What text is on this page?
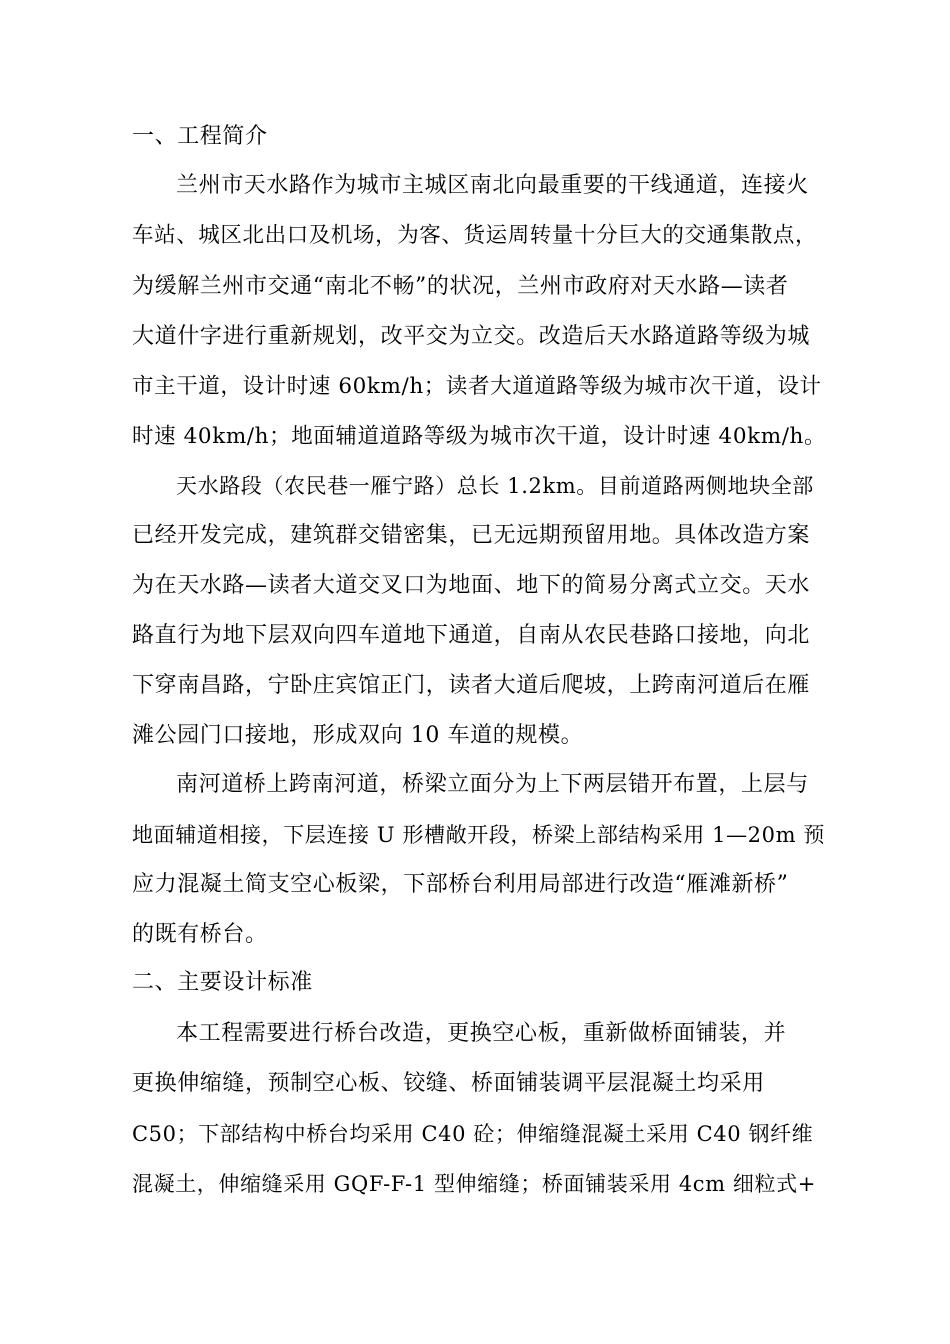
一、工程简介
兰州市天水路作为城市主城区南北向最重要的干线通道，连接火
车站、城区北出口及机场，为客、货运周转量十分巨大的交通集散点，
为缓解兰州市交通“南北不畅”的状况，兰州市政府对天水路—读者
大道什字进行重新规划，改平交为立交。改造后天水路道路等级为城
市主干道，设计时速 60km/h；读者大道道路等级为城市次干道，设计
时速 40km/h；地面辅道道路等级为城市次干道，设计时速 40km/h。
天水路段（农民巷一雁宁路）总长 1.2km。目前道路两侧地块全部
已经开发完成，建筑群交错密集，已无远期预留用地。具体改造方案
为在天水路—读者大道交叉口为地面、地下的简易分离式立交。天水
路直行为地下层双向四车道地下通道，自南从农民巷路口接地，向北
下穿南昌路，宁卧庄宾馆正门，读者大道后爬坡，上跨南河道后在雁
滩公园门口接地，形成双向 10 车道的规模。
南河道桥上跨南河道，桥梁立面分为上下两层错开布置，上层与
地面辅道相接，下层连接 U 形槽敞开段，桥梁上部结构采用 1—20m 预
应力混凝土简支空心板梁，下部桥台利用局部进行改造“雁滩新桥”
的既有桥台。
二、主要设计标准
本工程需要进行桥台改造，更换空心板，重新做桥面铺装，并
更换伸缩缝，预制空心板、铰缝、桥面铺装调平层混凝土均采用
C50；下部结构中桥台均采用 C40 砼；伸缩缝混凝土采用 C40 钢纤维
混凝土，伸缩缝采用 GQF-F-1 型伸缩缝；桥面铺装采用 4cm 细粒式+
